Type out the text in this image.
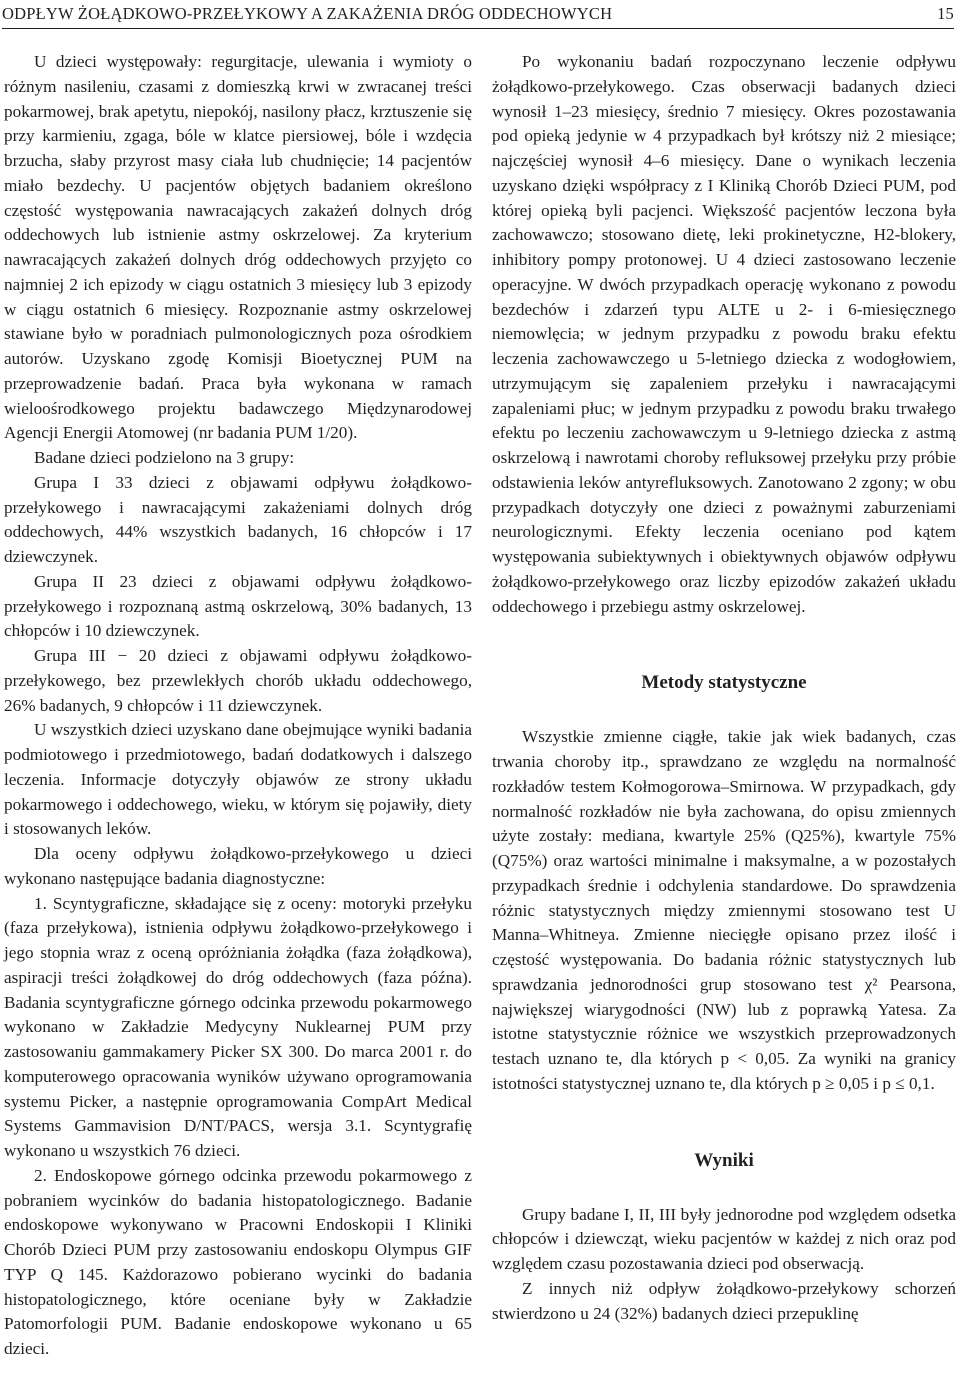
ODPŁYW ŻOŁĄDKOWO-PRZEŁYKOWY A ZAKAŻENIA DRÓG ODDECHOWYCH	15

U dzieci występowały: regurgitacje, ulewania i wymioty o różnym nasileniu, czasami z domieszką krwi w zwracanej treści pokarmowej, brak apetytu, niepokój, nasilony płacz, krztuszenie się przy karmieniu, zgaga, bóle w klatce piersiowej, bóle i wzdęcia brzucha, słaby przyrost masy ciała lub chudnięcie; 14 pacjentów miało bezdechy. U pacjentów objętych badaniem określono częstość występowania nawracających zakażeń dolnych dróg oddechowych lub istnienie astmy oskrzelowej. Za kryterium nawracających zakażeń dolnych dróg oddechowych przyjęto co najmniej 2 ich epizody w ciągu ostatnich 3 miesięcy lub 3 epizody w ciągu ostatnich 6 miesięcy. Rozpoznanie astmy oskrzelowej stawiane było w poradniach pulmonologicznych poza ośrodkiem autorów. Uzyskano zgodę Komisji Bioetycznej PUM na przeprowadzenie badań. Praca była wykonana w ramach wieloośrodkowego projektu badawczego Międzynarodowej Agencji Energii Atomowej (nr badania PUM 1/20).

Badane dzieci podzielono na 3 grupy:

Grupa I 33 dzieci z objawami odpływu żołądkowo-przełykowego i nawracającymi zakażeniami dolnych dróg oddechowych, 44% wszystkich badanych, 16 chłopców i 17 dziewczynek.

Grupa II 23 dzieci z objawami odpływu żołądkowo-przełykowego i rozpoznaną astmą oskrzelową, 30% badanych, 13 chłopców i 10 dziewczynek.

Grupa III − 20 dzieci z objawami odpływu żołądkowo-przełykowego, bez przewlekłych chorób układu oddechowego, 26% badanych, 9 chłopców i 11 dziewczynek.

U wszystkich dzieci uzyskano dane obejmujące wyniki badania podmiotowego i przedmiotowego, badań dodatkowych i dalszego leczenia. Informacje dotyczyły objawów ze strony układu pokarmowego i oddechowego, wieku, w którym się pojawiły, diety i stosowanych leków.

Dla oceny odpływu żołądkowo-przełykowego u dzieci wykonano następujące badania diagnostyczne:

1. Scyntygraficzne, składające się z oceny: motoryki przełyku (faza przełykowa), istnienia odpływu żołądkowo-przełykowego i jego stopnia wraz z oceną opróżniania żołądka (faza żołądkowa), aspiracji treści żołądkowej do dróg oddechowych (faza późna). Badania scyntygraficzne górnego odcinka przewodu pokarmowego wykonano w Zakładzie Medycyny Nuklearnej PUM przy zastosowaniu gammakamery Picker SX 300. Do marca 2001 r. do komputerowego opracowania wyników używano oprogramowania systemu Picker, a następnie oprogramowania CompArt Medical Systems Gammavision D/NT/PACS, wersja 3.1. Scyntygrafię wykonano u wszystkich 76 dzieci.

2. Endoskopowe górnego odcinka przewodu pokarmowego z pobraniem wycinków do badania histopatologicznego. Badanie endoskopowe wykonywano w Pracowni Endoskopii I Kliniki Chorób Dzieci PUM przy zastosowaniu endoskopu Olympus GIF TYP Q 145. Każdorazowo pobierano wycinki do badania histopatologicznego, które oceniane były w Zakładzie Patomorfologii PUM. Badanie endoskopowe wykonano u 65 dzieci.

Po wykonaniu badań rozpoczynano leczenie odpływu żołądkowo-przełykowego. Czas obserwacji badanych dzieci wynosił 1–23 miesięcy, średnio 7 miesięcy. Okres pozostawania pod opieką jedynie w 4 przypadkach był krótszy niż 2 miesiące; najczęściej wynosił 4–6 miesięcy. Dane o wynikach leczenia uzyskano dzięki współpracy z I Kliniką Chorób Dzieci PUM, pod której opieką byli pacjenci. Większość pacjentów leczona była zachowawczo; stosowano dietę, leki prokinetyczne, H2-blokery, inhibitory pompy protonowej. U 4 dzieci zastosowano leczenie operacyjne. W dwóch przypadkach operację wykonano z powodu bezdechów i zdarzeń typu ALTE u 2- i 6-miesięcznego niemowlęcia; w jednym przypadku z powodu braku efektu leczenia zachowawczego u 5-letniego dziecka z wodogłowiem, utrzymującym się zapaleniem przełyku i nawracającymi zapaleniami płuc; w jednym przypadku z powodu braku trwałego efektu po leczeniu zachowawczym u 9-letniego dziecka z astmą oskrzelową i nawrotami choroby refluksowej przełyku przy próbie odstawienia leków antyrefluksowych. Zanotowano 2 zgony; w obu przypadkach dotyczyły one dzieci z poważnymi zaburzeniami neurologicznymi. Efekty leczenia oceniano pod kątem występowania subiektywnych i obiektywnych objawów odpływu żołądkowo-przełykowego oraz liczby epizodów zakażeń układu oddechowego i przebiegu astmy oskrzelowej.

Metody statystyczne

Wszystkie zmienne ciągłe, takie jak wiek badanych, czas trwania choroby itp., sprawdzano ze względu na normalność rozkładów testem Kołmogorowa–Smirnowa. W przypadkach, gdy normalność rozkładów nie była zachowana, do opisu zmiennych użyte zostały: mediana, kwartyle 25% (Q25%), kwartyle 75% (Q75%) oraz wartości minimalne i maksymalne, a w pozostałych przypadkach średnie i odchylenia standardowe. Do sprawdzenia różnic statystycznych między zmiennymi stosowano test U Manna–Whitneya. Zmienne niecięgłe opisano przez ilość i częstość występowania. Do badania różnic statystycznych lub sprawdzania jednorodności grup stosowano test χ² Pearsona, największej wiarygodności (NW) lub z poprawką Yatesa. Za istotne statystycznie różnice we wszystkich przeprowadzonych testach uznano te, dla których p < 0,05. Za wyniki na granicy istotności statystycznej uznano te, dla których p ≥ 0,05 i p ≤ 0,1.

Wyniki

Grupy badane I, II, III były jednorodne pod względem odsetka chłopców i dziewcząt, wieku pacjentów w każdej z nich oraz pod względem czasu pozostawania dzieci pod obserwacją.

Z innych niż odpływ żołądkowo-przełykowy schorzeń stwierdzono u 24 (32%) badanych dzieci przepuklinę
